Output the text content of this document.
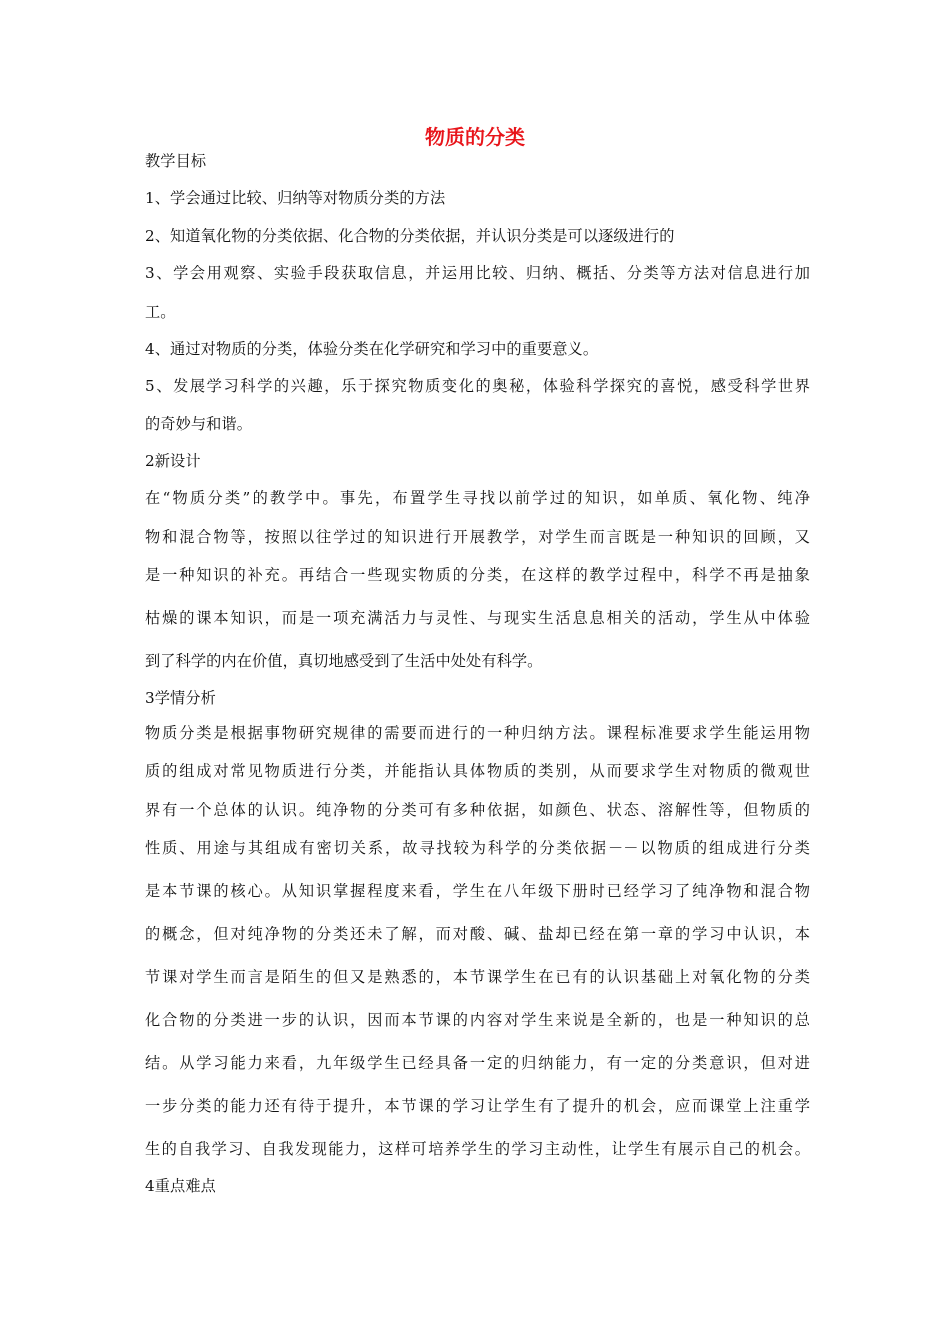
物质的分类
教学目标
1、学会通过比较、归纳等对物质分类的方法
2、知道氧化物的分类依据、化合物的分类依据，并认识分类是可以逐级进行的
3、学会用观察、实验手段获取信息，并运用比较、归纳、概括、分类等方法对信息进行加
工。
4、通过对物质的分类，体验分类在化学研究和学习中的重要意义。
5、发展学习科学的兴趣，乐于探究物质变化的奥秘，体验科学探究的喜悦，感受科学世界
的奇妙与和谐。
2新设计
在“物质分类”的教学中。事先，布置学生寻找以前学过的知识，如单质、氧化物、纯净
物和混合物等，按照以往学过的知识进行开展教学，对学生而言既是一种知识的回顾，又
是一种知识的补充。再结合一些现实物质的分类，在这样的教学过程中，科学不再是抽象
枯燥的课本知识，而是一项充满活力与灵性、与现实生活息息相关的活动，学生从中体验
到了科学的内在价值，真切地感受到了生活中处处有科学。
3学情分析
物质分类是根据事物研究规律的需要而进行的一种归纳方法。课程标准要求学生能运用物
质的组成对常见物质进行分类，并能指认具体物质的类别，从而要求学生对物质的微观世
界有一个总体的认识。纯净物的分类可有多种依据，如颜色、状态、溶解性等，但物质的
性质、用途与其组成有密切关系，故寻找较为科学的分类依据－－以物质的组成进行分类
是本节课的核心。从知识掌握程度来看，学生在八年级下册时已经学习了纯净物和混合物
的概念，但对纯净物的分类还未了解，而对酸、碱、盐却已经在第一章的学习中认识，本
节课对学生而言是陌生的但又是熟悉的，本节课学生在已有的认识基础上对氧化物的分类
化合物的分类进一步的认识，因而本节课的内容对学生来说是全新的，也是一种知识的总
结。从学习能力来看，九年级学生已经具备一定的归纳能力，有一定的分类意识，但对进
一步分类的能力还有待于提升，本节课的学习让学生有了提升的机会，应而课堂上注重学
生的自我学习、自我发现能力，这样可培养学生的学习主动性，让学生有展示自己的机会。
4重点难点
